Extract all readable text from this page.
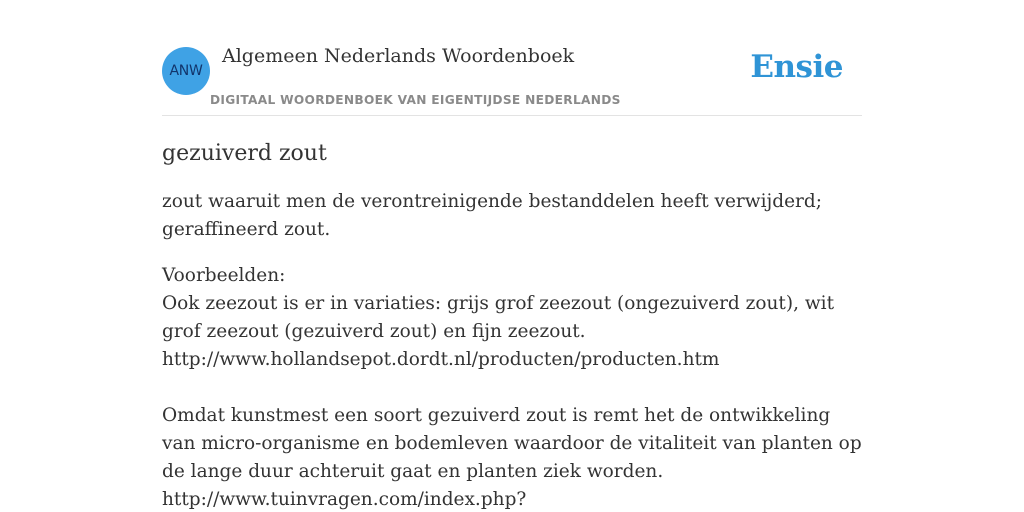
ANW
Algemeen Nederlands Woordenboek
DIGITAAL WOORDENBOEK VAN EIGENTIJDSE NEDERLANDS
Ensie
gezuiverd zout

zout waaruit men de verontreinigende bestanddelen heeft verwijderd; geraffineerd zout.

Voorbeelden:
Ook zeezout is er in variaties: grijs grof zeezout (ongezuiverd zout), wit grof zeezout (gezuiverd zout) en fijn zeezout.
http://www.hollandsepot.dordt.nl/producten/producten.htm
Omdat kunstmest een soort gezuiverd zout is remt het de ontwikkeling van micro-organisme en bodemleven waardoor de vitaliteit van planten op de lange duur achteruit gaat en planten ziek worden.
http://www.tuinvragen.com/index.php?
